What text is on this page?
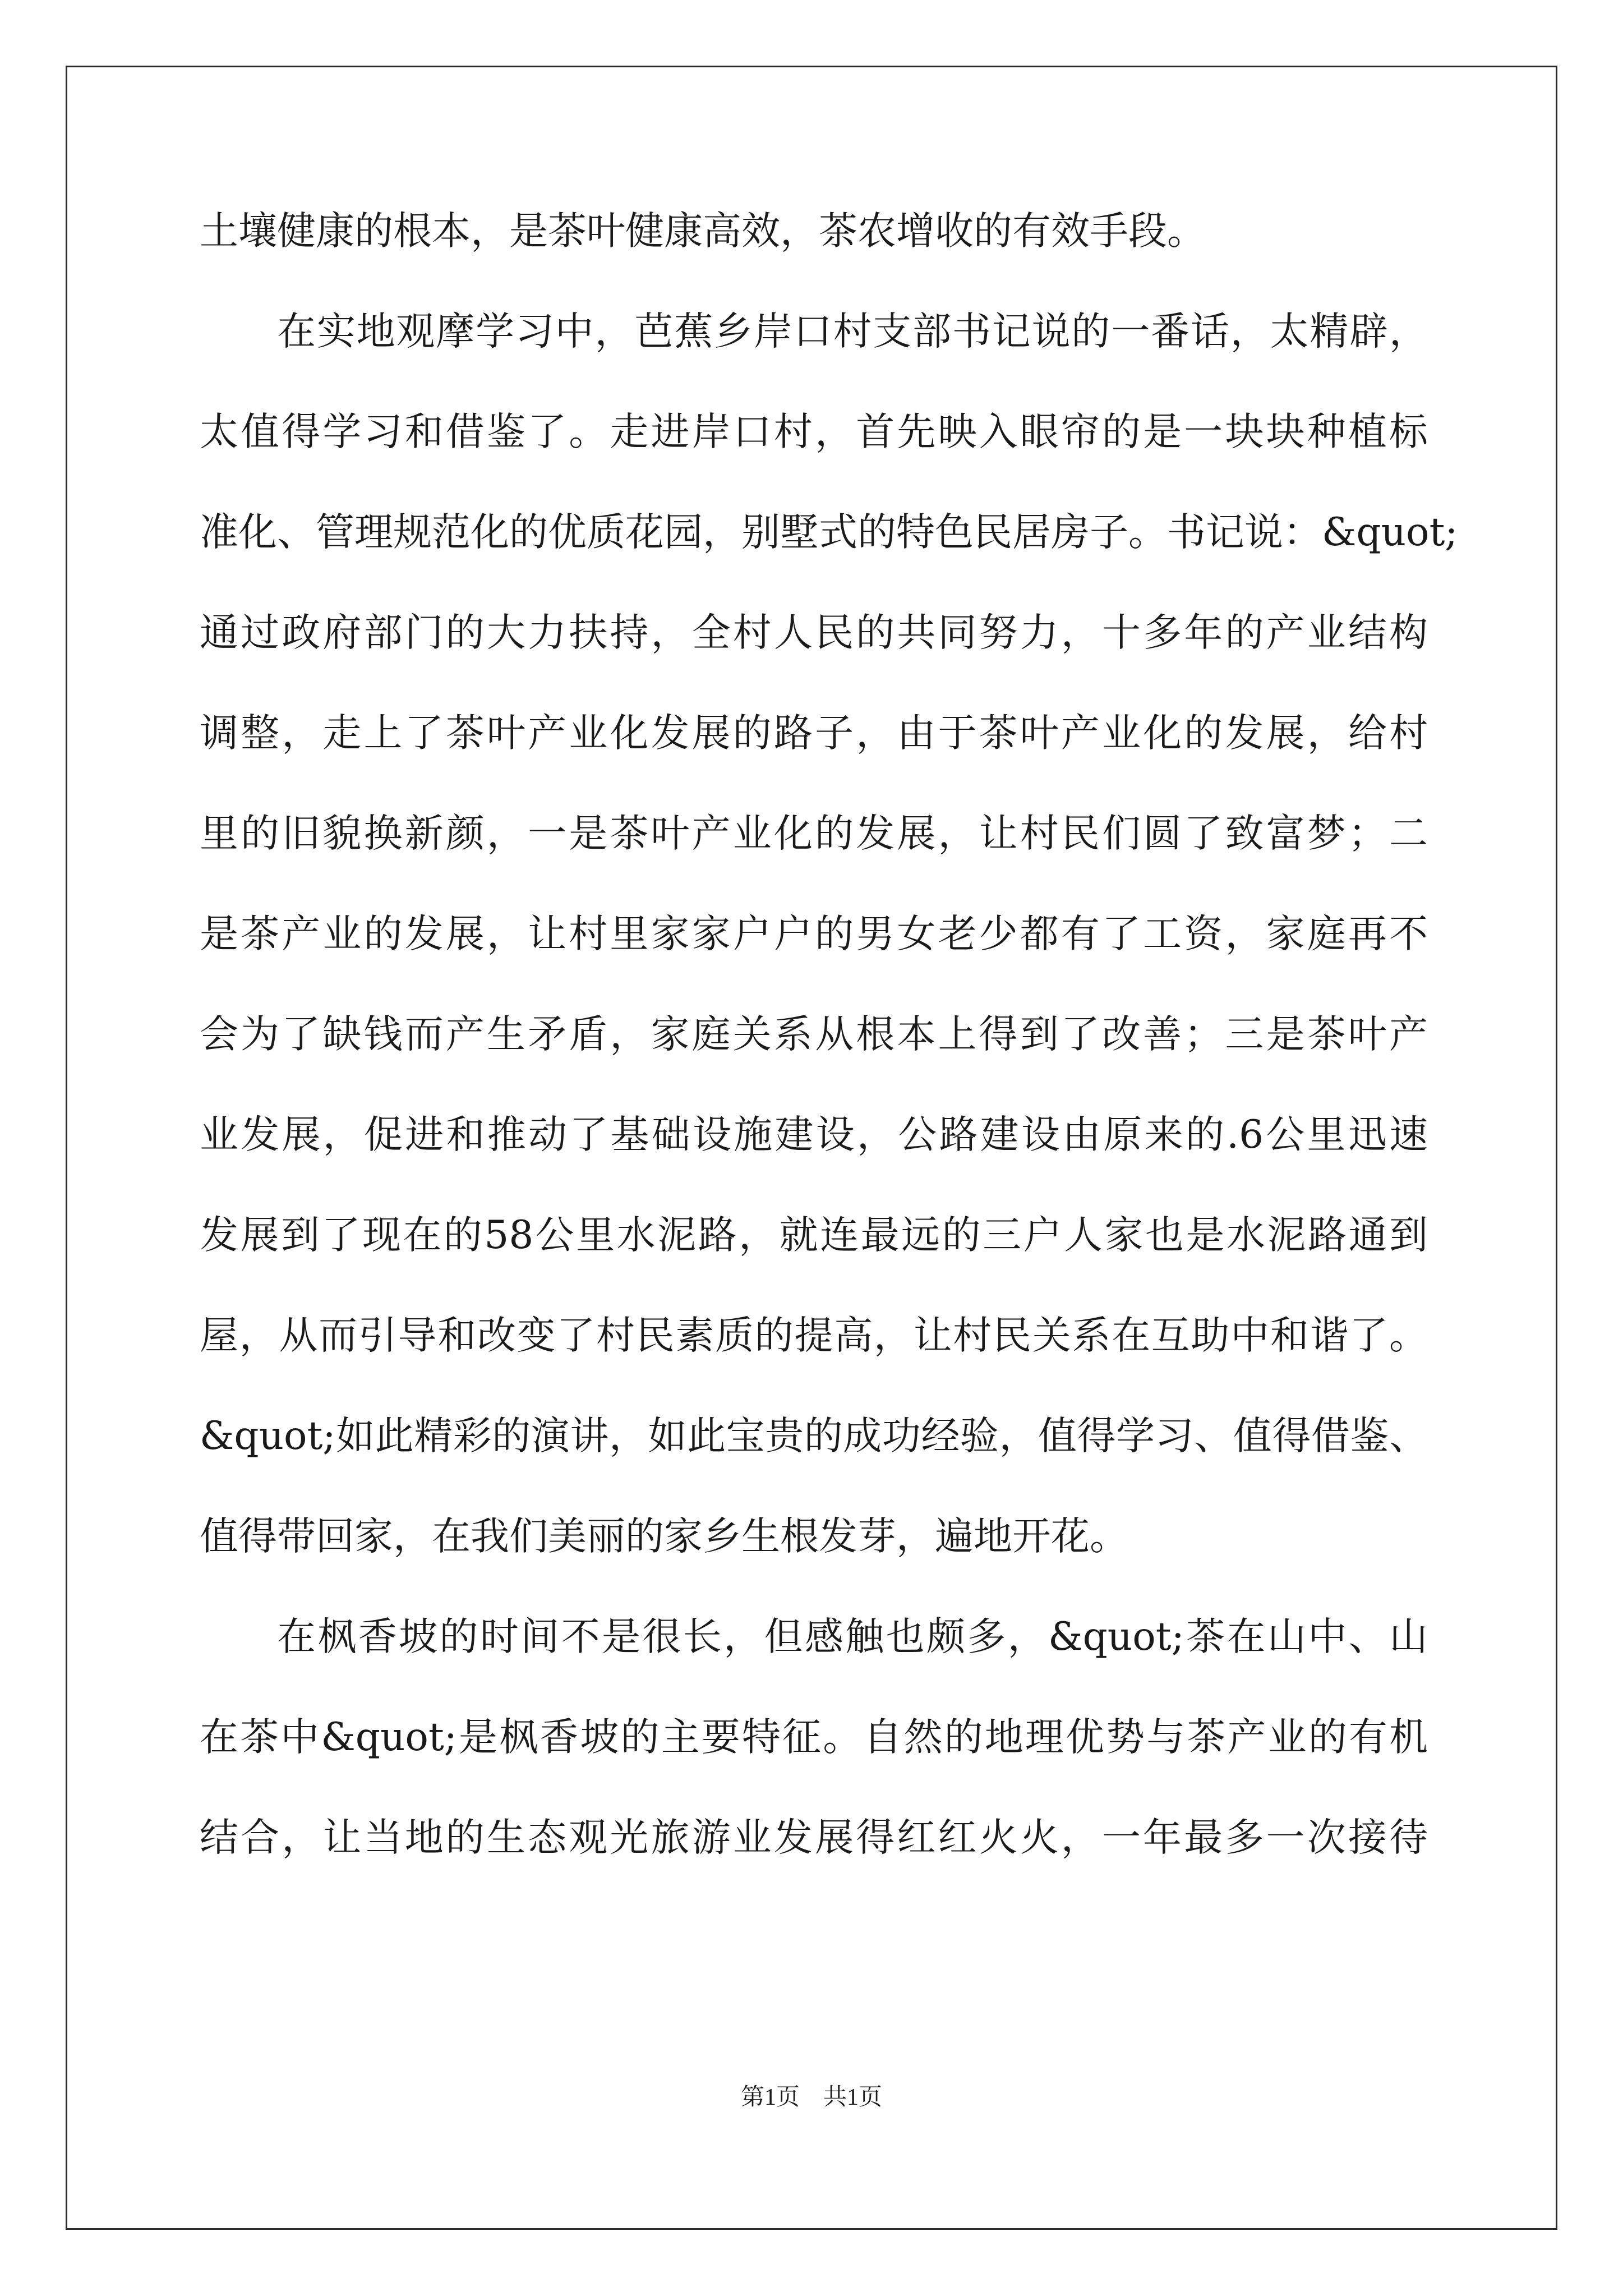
土壤健康的根本，是茶叶健康高效，茶农增收的有效手段。
在实地观摩学习中，芭蕉乡岸口村支部书记说的一番话，太精辟，
太值得学习和借鉴了。走进岸口村，首先映入眼帘的是一块块种植标
准化、管理规范化的优质花园，别墅式的特色民居房子。书记说：&quot;
通过政府部门的大力扶持，全村人民的共同努力，十多年的产业结构
调整，走上了茶叶产业化发展的路子，由于茶叶产业化的发展，给村
里的旧貌换新颜，一是茶叶产业化的发展，让村民们圆了致富梦；二
是茶产业的发展，让村里家家户户的男女老少都有了工资，家庭再不
会为了缺钱而产生矛盾，家庭关系从根本上得到了改善；三是茶叶产
业发展，促进和推动了基础设施建设，公路建设由原来的.6公里迅速
发展到了现在的58公里水泥路，就连最远的三户人家也是水泥路通到
屋，从而引导和改变了村民素质的提高，让村民关系在互助中和谐了。
&quot;如此精彩的演讲，如此宝贵的成功经验，值得学习、值得借鉴、
值得带回家，在我们美丽的家乡生根发芽，遍地开花。
在枫香坡的时间不是很长，但感触也颇多，&quot;茶在山中、山
在茶中&quot;是枫香坡的主要特征。自然的地理优势与茶产业的有机
结合，让当地的生态观光旅游业发展得红红火火，一年最多一次接待
第1页　共1页
